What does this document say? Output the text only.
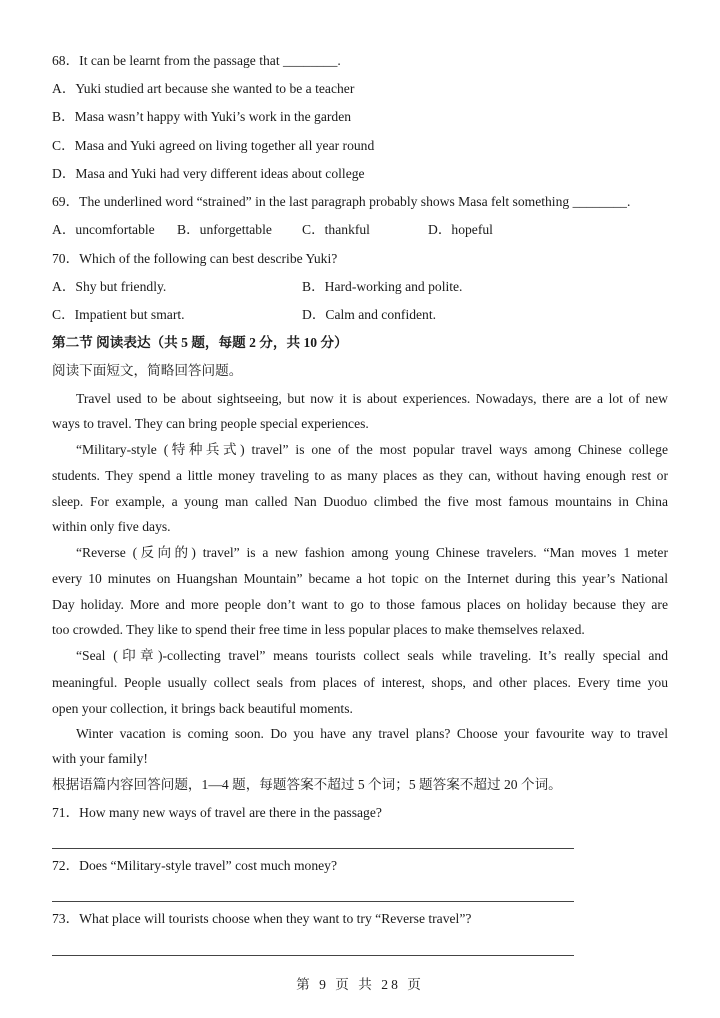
68．It can be learnt from the passage that ________.
A．Yuki studied art because she wanted to be a teacher
B．Masa wasn’t happy with Yuki’s work in the garden
C．Masa and Yuki agreed on living together all year round
D．Masa and Yuki had very different ideas about college
69．The underlined word “strained” in the last paragraph probably shows Masa felt something ________.
A．uncomfortable B．unforgettable C．thankful	D．hopeful
70．Which of the following can best describe Yuki?
A．Shy but friendly.	B．Hard-working and polite.
C．Impatient but smart.	D．Calm and confident.
第二节 阅读表达（共 5 题，每题 2 分，共 10 分）
阅读下面短文，简略回答问题。
Travel used to be about sightseeing, but now it is about experiences. Nowadays, there are a lot of new
ways to travel. They can bring people special experiences.
“Military-style (特种兵式) travel” is one of the most popular travel ways among Chinese college
students. They spend a little money traveling to as many places as they can, without having enough rest or
sleep. For example, a young man called Nan Duoduo climbed the five most famous mountains in China
within only five days.
“Reverse (反向的) travel” is a new fashion among young Chinese travelers. “Man moves 1 meter
every 10 minutes on Huangshan Mountain” became a hot topic on the Internet during this year’s National
Day holiday. More and more people don’t want to go to those famous places on holiday because they are
too crowded. They like to spend their free time in less popular places to make themselves relaxed.
“Seal (印章)-collecting travel” means tourists collect seals while traveling. It’s really special and
meaningful. People usually collect seals from places of interest, shops, and other places. Every time you
open your collection, it brings back beautiful moments.
Winter vacation is coming soon. Do you have any travel plans? Choose your favourite way to travel
with your family!
根据语篇内容回答问题，1—4 题，每题答案不超过 5 个词；5 题答案不超过 20 个词。
71．How many new ways of travel are there in the passage?
72．Does “Military-style travel” cost much money?
73．What place will tourists choose when they want to try “Reverse travel”?
第 9 页 共 28 页
